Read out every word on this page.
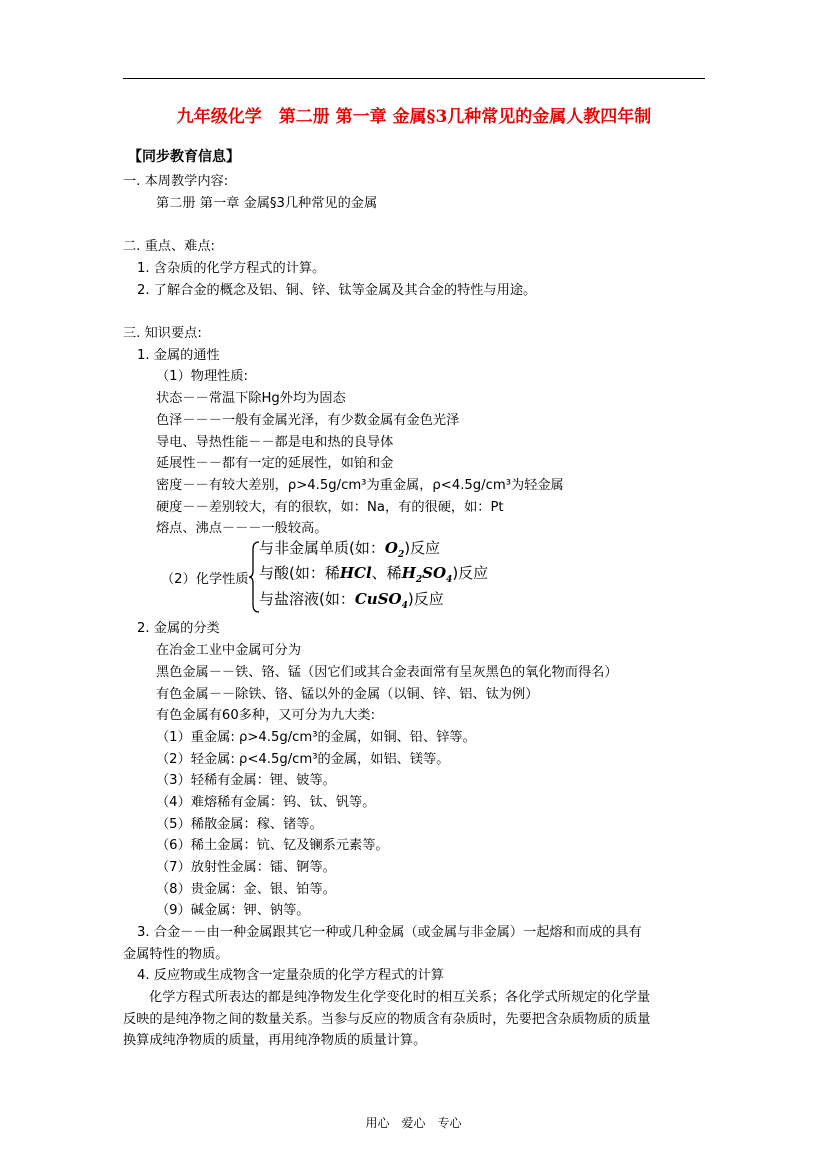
九年级化学　第二册 第一章 金属§3几种常见的金属人教四年制
【同步教育信息】
一. 本周教学内容:
第二册 第一章 金属§3几种常见的金属
二. 重点、难点:
1. 含杂质的化学方程式的计算。
2. 了解合金的概念及铝、铜、锌、钛等金属及其合金的特性与用途。
三. 知识要点:
1. 金属的通性
（1）物理性质:
状态－－常温下除Hg外均为固态
色泽－－－一般有金属光泽，有少数金属有金色光泽
导电、导热性能－－都是电和热的良导体
延展性－－都有一定的延展性，如铂和金
密度－－有较大差别，ρ>4.5g/cm³为重金属，ρ<4.5g/cm³为轻金属
硬度－－差别较大，有的很软，如：Na，有的很硬，如：Pt
熔点、沸点－－－一般较高。
（2）化学性质
与非金属单质(如：$O_2$)反应
与酸(如：稀HCl、稀$H_2SO_4$)反应
与盐溶液(如：CuSO$_4$)反应
2. 金属的分类
在冶金工业中金属可分为
黑色金属－－铁、铬、锰（因它们或其合金表面常有呈灰黑色的氧化物而得名）
有色金属－－除铁、铬、锰以外的金属（以铜、锌、铝、钛为例）
有色金属有60多种，又可分为九大类:
（1）重金属: ρ>4.5g/cm³的金属，如铜、铅、锌等。
（2）轻金属: ρ<4.5g/cm³的金属，如铝、镁等。
（3）轻稀有金属：锂、铍等。
（4）难熔稀有金属：钨、钛、钒等。
（5）稀散金属：稼、锗等。
（6）稀土金属：钪、钇及镧系元素等。
（7）放射性金属：镭、锕等。
（8）贵金属：金、银、铂等。
（9）碱金属：钾、钠等。
3. 合金－－由一种金属跟其它一种或几种金属（或金属与非金属）一起熔和而成的具有
金属特性的物质。
4. 反应物或生成物含一定量杂质的化学方程式的计算
化学方程式所表达的都是纯净物发生化学变化时的相互关系；各化学式所规定的化学量
反映的是纯净物之间的数量关系。当参与反应的物质含有杂质时，先要把含杂质物质的质量
换算成纯净物质的质量，再用纯净物质的质量计算。
用心　爱心　专心
